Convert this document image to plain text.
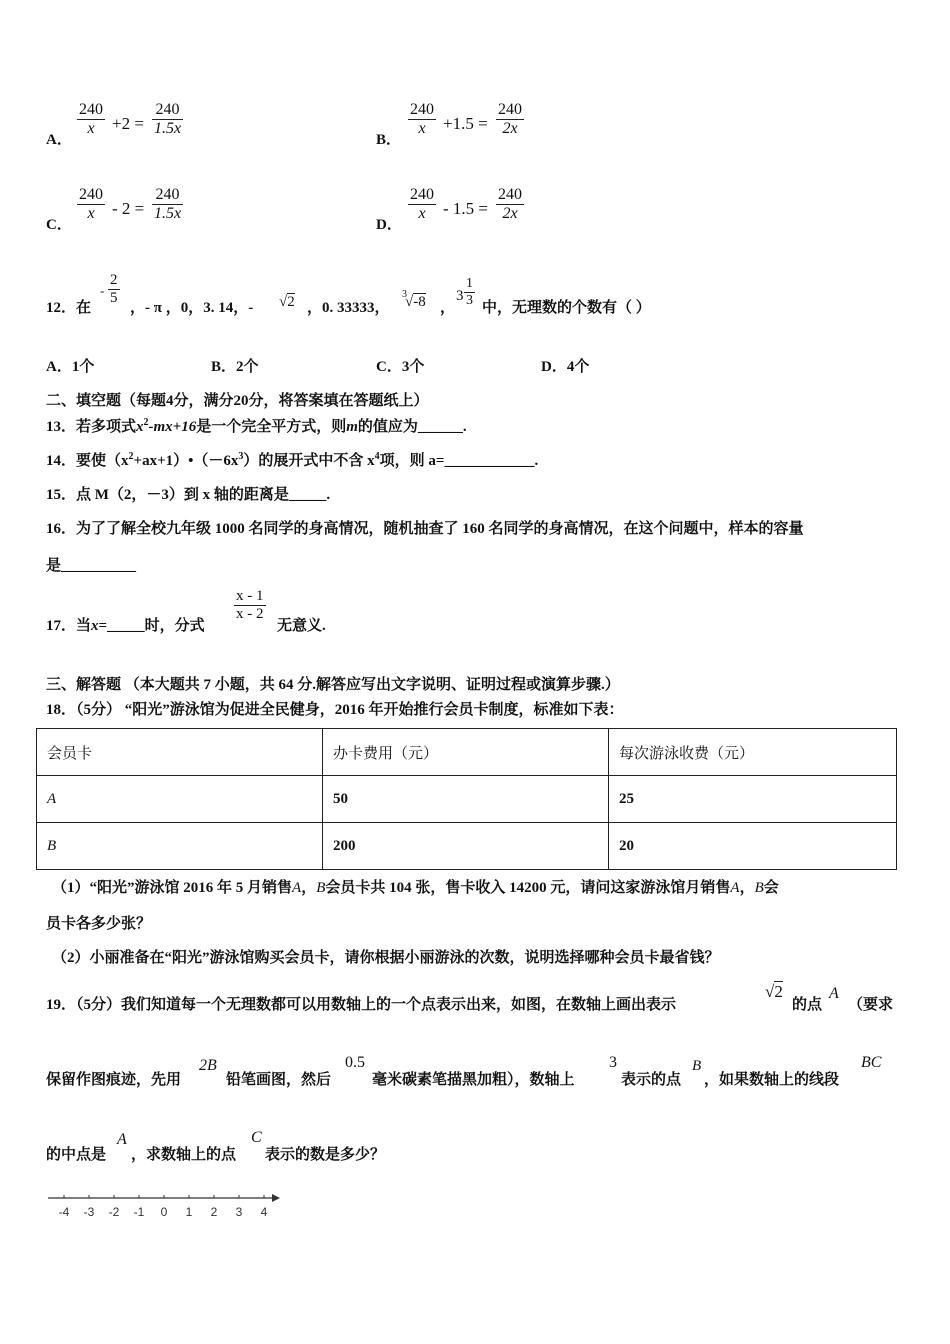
A．
$\frac{240}{x} +2 = \frac{240}{1.5x}$
B．
$\frac{240}{x} +1.5 = \frac{240}{2x}$
C．
$\frac{240}{x} - 2 = \frac{240}{1.5x}$
D．
$\frac{240}{x} - 1.5 = \frac{240}{2x}$
12．在
- $\frac{2}{5}$
，- π ，0，3. 14，- √2 ，0. 33333，
3
√-8 ，
$3 \frac{1}{3}$ 中，无理数的个数有（ ）
A．1个	B．2个	C．3个	D．4个
二、填空题（每题4分，满分20分，将答案填在答题纸上）
13．若多项式$x^2-mx+16$是一个完全平方式，则m的值应为______.
14．要使$(x^2+ax+1)•(-6x^3)$的展开式中不含 $x^4$项，则 a=____________.
15．点 M（2，－3）到 x 轴的距离是_____.
16．为了了解全校九年级 1000 名同学的身高情况，随机抽查了 160 名同学的身高情况，在这个问题中，样本的容量
是__________
17．当x=_____时，分式
$\frac{x - 1}{x - 2}$
无意义.
三、解答题 （本大题共 7 小题，共 64 分.解答应写出文字说明、证明过程或演算步骤.）
18．（5分） “阳光”游泳馆为促进全民健身，2016 年开始推行会员卡制度，标准如下表：
会员卡	办卡费用（元）	每次游泳收费（元）
A	50	25
B	200	20
（1）“阳光”游泳馆 2016 年 5 月销售A，B会员卡共 104 张，售卡收入 14200 元，请问这家游泳馆月销售A，B会
员卡各多少张？
（2）小丽准备在“阳光”游泳馆购买会员卡，请你根据小丽游泳的次数，说明选择哪种会员卡最省钱？
19．（5分）我们知道每一个无理数都可以用数轴上的一个点表示出来，如图，在数轴上画出表示
√2
的点
A
（要求
保留作图痕迹，先用
2B
铅笔画图，然后
0.5
毫米碳素笔描黑加粗），数轴上
3
表示的点
B
，如果数轴上的线段
BC
的中点是
A
，求数轴上的点
C
表示的数是多少？
-4 -3 -2 -1 0 1 2 3 4
